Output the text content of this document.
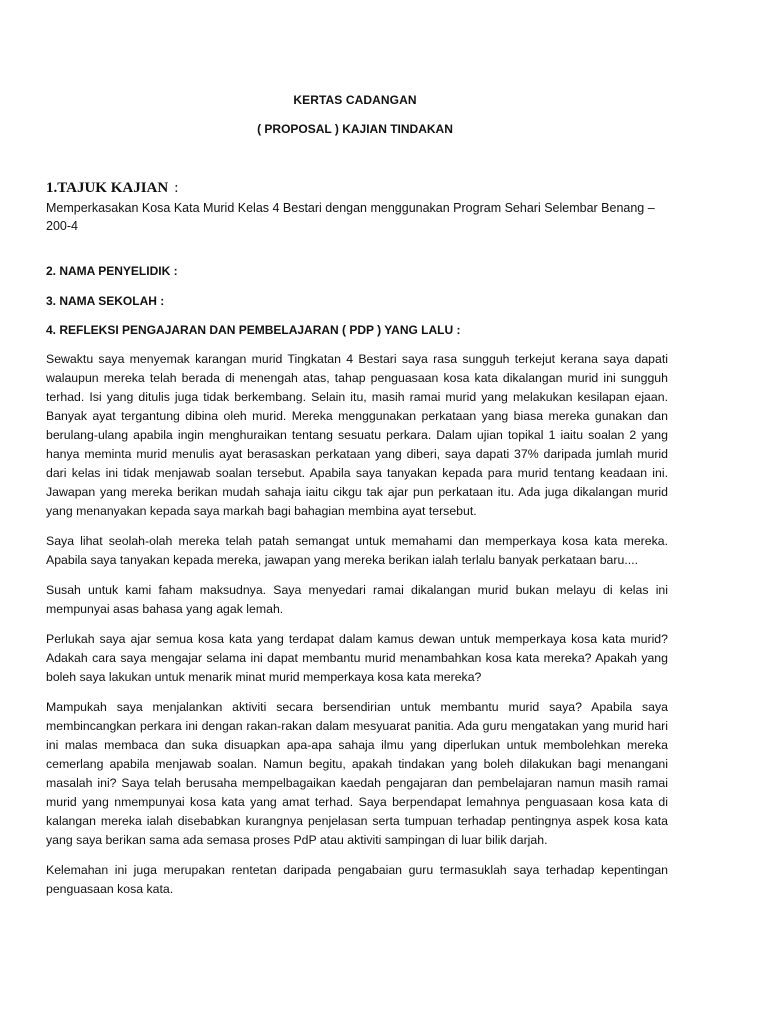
KERTAS CADANGAN
( PROPOSAL ) KAJIAN TINDAKAN
1.TAJUK KAJIAN :
Memperkasakan Kosa Kata Murid Kelas 4 Bestari dengan menggunakan Program Sehari Selembar Benang – 200-4
2. NAMA PENYELIDIK :
3. NAMA SEKOLAH :
4. REFLEKSI PENGAJARAN DAN PEMBELAJARAN ( PDP ) YANG LALU :

Sewaktu saya menyemak karangan murid Tingkatan 4 Bestari saya rasa sungguh terkejut kerana saya dapati walaupun mereka telah berada di menengah atas, tahap penguasaan kosa kata dikalangan murid ini sungguh terhad. Isi yang ditulis juga tidak berkembang. Selain itu, masih ramai murid yang melakukan kesilapan ejaan. Banyak ayat tergantung dibina oleh murid. Mereka menggunakan perkataan yang biasa mereka gunakan dan berulang-ulang apabila ingin menghuraikan tentang sesuatu perkara. Dalam ujian topikal 1 iaitu soalan 2 yang hanya meminta murid menulis ayat berasaskan perkataan yang diberi, saya dapati 37% daripada jumlah murid dari kelas ini tidak menjawab soalan tersebut. Apabila saya tanyakan kepada para murid tentang keadaan ini. Jawapan yang mereka berikan mudah sahaja iaitu cikgu tak ajar pun perkataan itu. Ada juga dikalangan murid yang menanyakan kepada saya markah bagi bahagian membina ayat tersebut.

Saya lihat seolah-olah mereka telah patah semangat untuk memahami dan memperkaya kosa kata mereka. Apabila saya tanyakan kepada mereka, jawapan yang mereka berikan ialah terlalu banyak perkataan baru....

Susah untuk kami faham maksudnya. Saya menyedari ramai dikalangan murid bukan melayu di kelas ini mempunyai asas bahasa yang agak lemah.

Perlukah saya ajar semua kosa kata yang terdapat dalam kamus dewan untuk memperkaya kosa kata murid? Adakah cara saya mengajar selama ini dapat membantu murid menambahkan kosa kata mereka? Apakah yang boleh saya lakukan untuk menarik minat murid memperkaya kosa kata mereka?

Mampukah saya menjalankan aktiviti secara bersendirian untuk membantu murid saya? Apabila saya membincangkan perkara ini dengan rakan-rakan dalam mesyuarat panitia. Ada guru mengatakan yang murid hari ini malas membaca dan suka disuapkan apa-apa sahaja ilmu yang diperlukan untuk membolehkan mereka cemerlang apabila menjawab soalan. Namun begitu, apakah tindakan yang boleh dilakukan bagi menangani masalah ini? Saya telah berusaha mempelbagaikan kaedah pengajaran dan pembelajaran namun masih ramai murid yang nmempunyai kosa kata yang amat terhad. Saya berpendapat lemahnya penguasaan kosa kata di kalangan mereka ialah disebabkan kurangnya penjelasan serta tumpuan terhadap pentingnya aspek kosa kata yang saya berikan sama ada semasa proses PdP atau aktiviti sampingan di luar bilik darjah.

Kelemahan ini juga merupakan rentetan daripada pengabaian guru termasuklah saya terhadap kepentingan penguasaan kosa kata.
